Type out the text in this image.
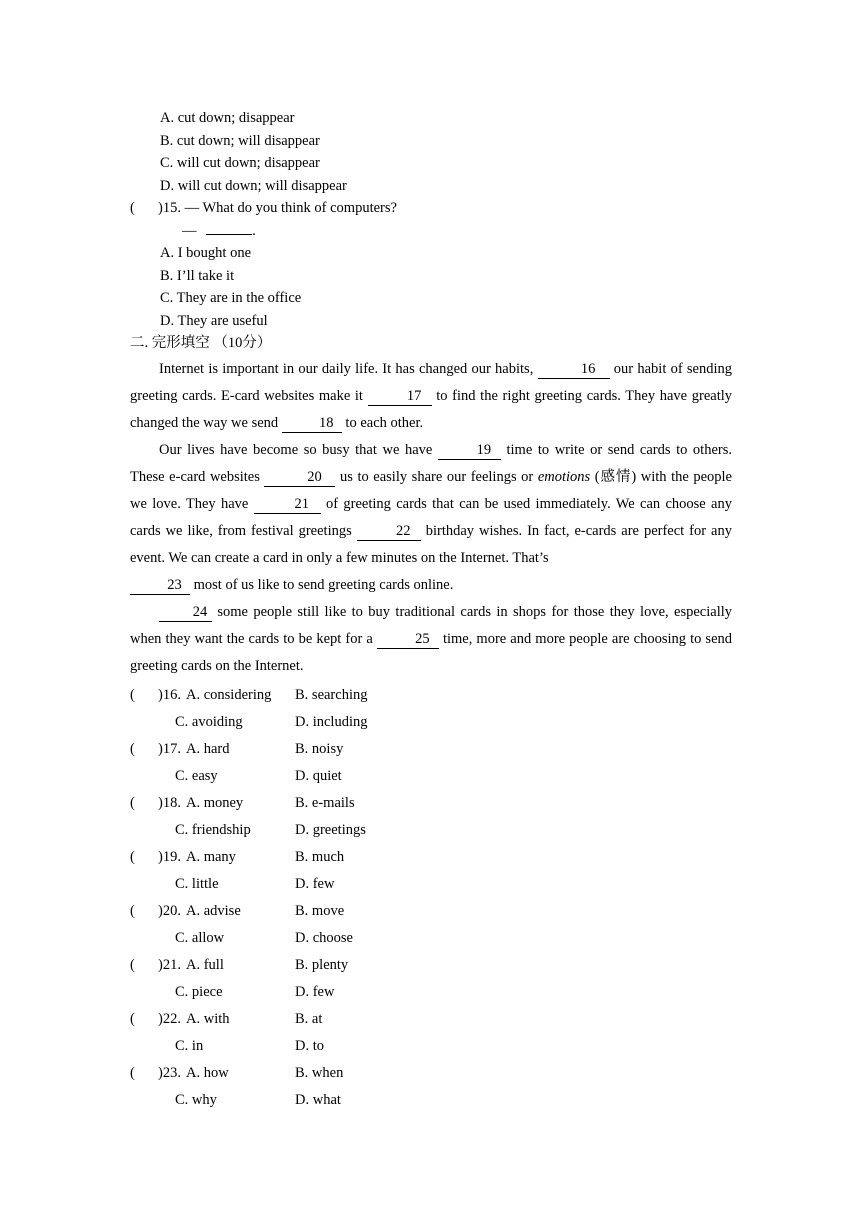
A. cut down; disappear
B. cut down; will disappear
C. will cut down; disappear
D. will cut down; will disappear
( )15. — What do you think of computers?
—	.
A. I bought one
B. I’ll take it
C. They are in the office
D. They are useful
二. 完形填空 （10分）

Internet is important in our daily life. It has changed our habits,	16 our habit of sending greeting cards. E-card websites make it	17 to find the right greeting cards. They have greatly changed the way we send	18 to each other.

Our lives have become so busy that we have	19 time to write or send cards to others. These e-card websites	20 us to easily share our feelings or emotions (感情) with the people we love. They have	21 of greeting cards that can be used immediately. We can choose any cards we like, from festival greetings	22 birthday wishes. In fact, e-cards are perfect for any event. We can create a card in only a few minutes on the Internet. That’s
23 most of us like to send greeting cards online.

24 some people still like to buy traditional cards in shops for those they love, especially when they want the cards to be kept for a	25 time, more and more people are choosing to send greeting cards on the Internet.

( )16. A. considering B. searching
C. avoiding	D. including
( )17. A. hard	B. noisy
C. easy	D. quiet
( )18. A. money	B. e-mails
C. friendship	D. greetings
( )19. A. many	B. much
C. little	D. few
( )20. A. advise	B. move
C. allow	D. choose
( )21. A. full	B. plenty
C. piece	D. few
( )22. A. with	B. at
C. in	D. to
( )23. A. how	B. when
C. why	D. what
